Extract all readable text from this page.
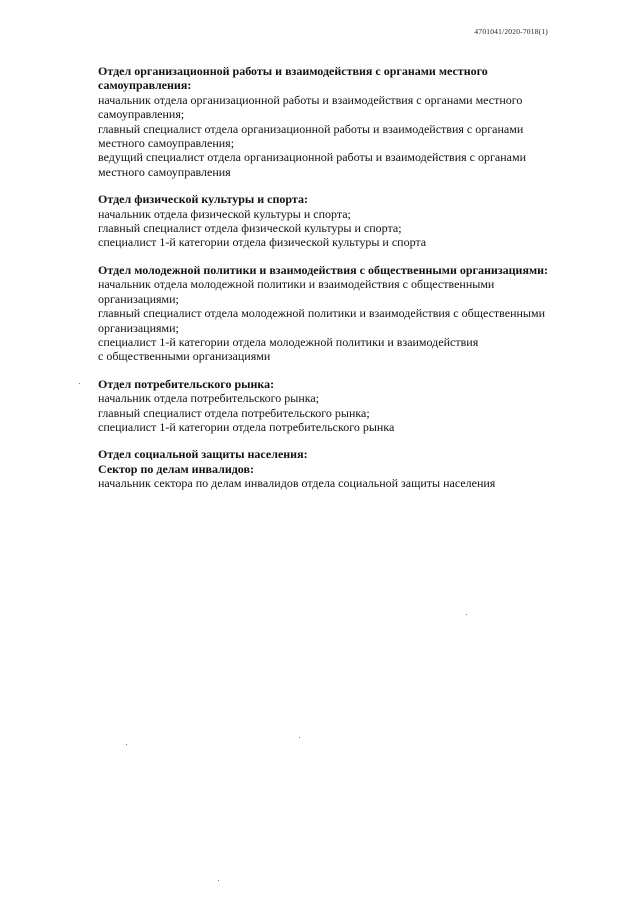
4701041/2020-7018(1)
Отдел организационной работы и взаимодействия с органами местного
самоуправления:
начальник отдела организационной работы и взаимодействия с органами местного
самоуправления;
главный специалист отдела организационной работы и взаимодействия с органами
местного самоуправления;
ведущий специалист отдела организационной работы и взаимодействия с органами
местного самоуправления
Отдел физической культуры и спорта:
начальник отдела физической культуры и спорта;
главный специалист отдела физической культуры и спорта;
специалист 1-й категории отдела физической культуры и спорта
Отдел молодежной политики и взаимодействия с общественными организациями:
начальник отдела молодежной политики и взаимодействия с общественными
организациями;
главный специалист отдела молодежной политики и взаимодействия с общественными
организациями;
специалист 1-й категории отдела молодежной политики и взаимодействия
с общественными организациями
Отдел потребительского рынка:
начальник отдела потребительского рынка;
главный специалист отдела потребительского рынка;
специалист 1-й категории отдела потребительского рынка
Отдел социальной защиты населения:
Сектор по делам инвалидов:
начальник сектора по делам инвалидов отдела социальной защиты населения
